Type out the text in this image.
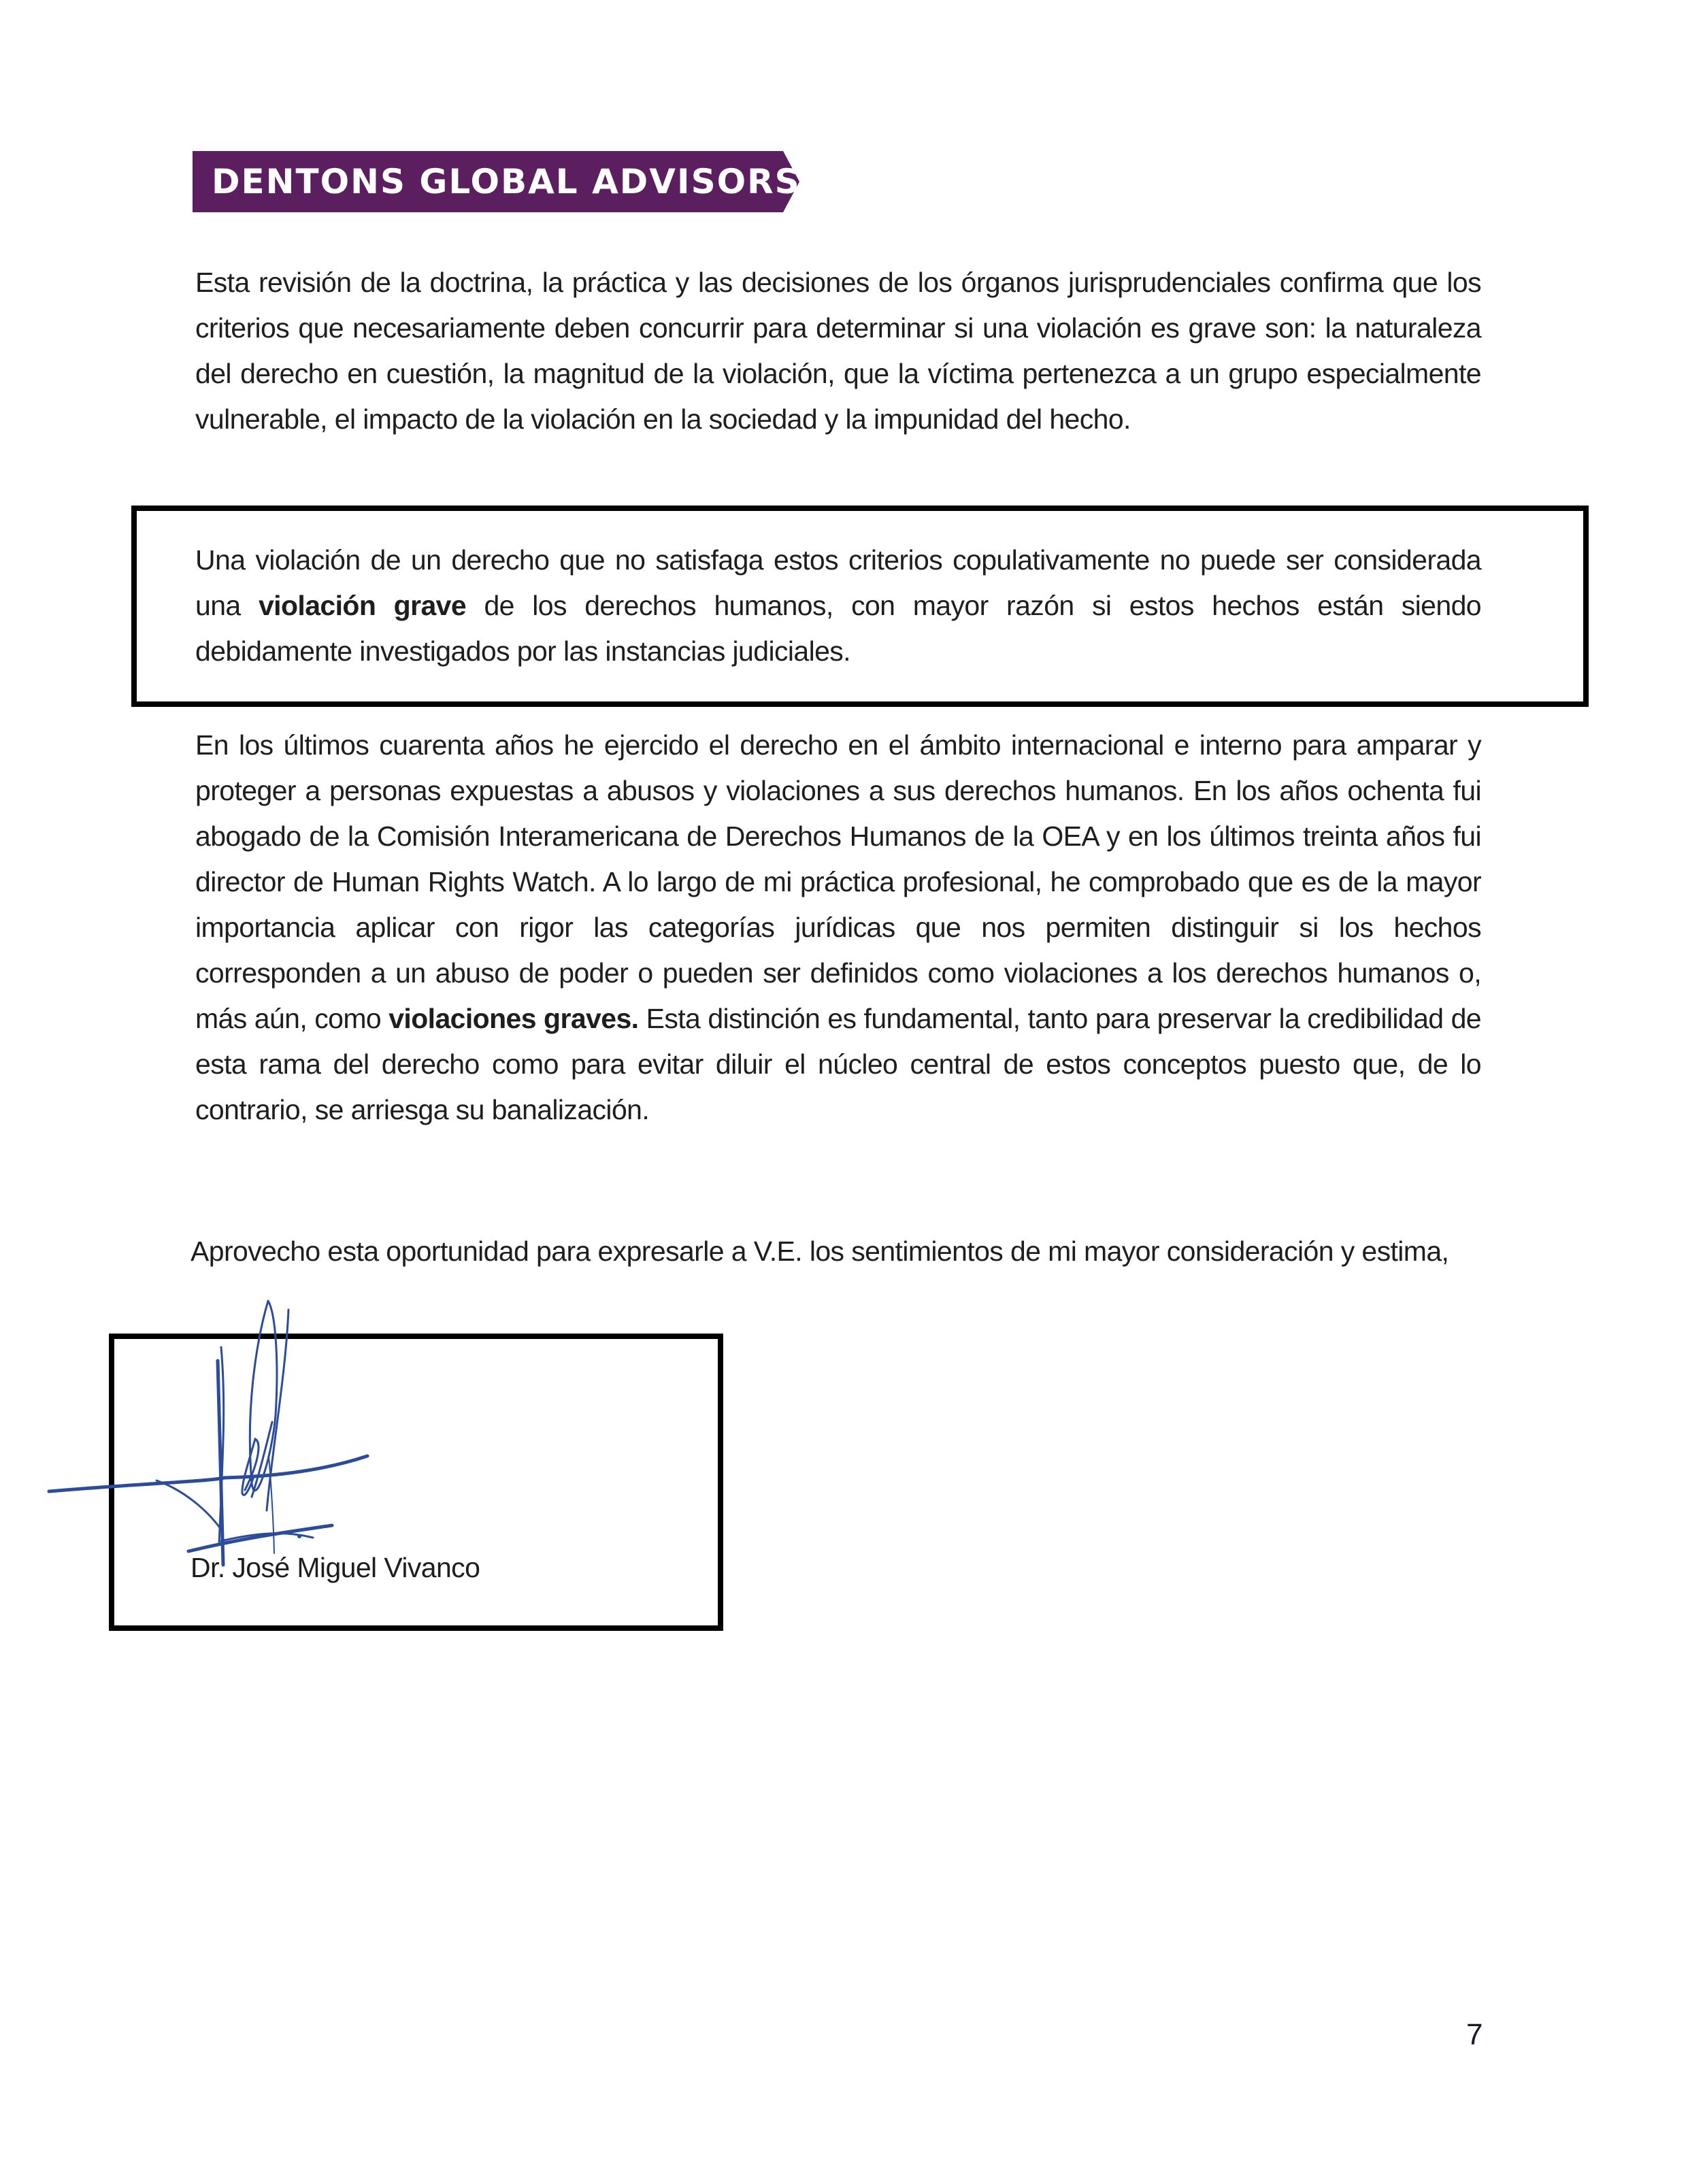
DENTONS GLOBAL ADVISORS

Esta revisión de la doctrina, la práctica y las decisiones de los órganos jurisprudenciales confirma que los criterios que necesariamente deben concurrir para determinar si una violación es grave son: la naturaleza del derecho en cuestión, la magnitud de la violación, que la víctima pertenezca a un grupo especialmente vulnerable, el impacto de la violación en la sociedad y la impunidad del hecho.

Una violación de un derecho que no satisfaga estos criterios copulativamente no puede ser considerada una violación grave de los derechos humanos, con mayor razón si estos hechos están siendo debidamente investigados por las instancias judiciales.

En los últimos cuarenta años he ejercido el derecho en el ámbito internacional e interno para amparar y proteger a personas expuestas a abusos y violaciones a sus derechos humanos. En los años ochenta fui abogado de la Comisión Interamericana de Derechos Humanos de la OEA y en los últimos treinta años fui director de Human Rights Watch. A lo largo de mi práctica profesional, he comprobado que es de la mayor importancia aplicar con rigor las categorías jurídicas que nos permiten distinguir si los hechos corresponden a un abuso de poder o pueden ser definidos como violaciones a los derechos humanos o, más aún, como violaciones graves. Esta distinción es fundamental, tanto para preservar la credibilidad de esta rama del derecho como para evitar diluir el núcleo central de estos conceptos puesto que, de lo contrario, se arriesga su banalización.

Aprovecho esta oportunidad para expresarle a V.E. los sentimientos de mi mayor consideración y estima,

Dr. José Miguel Vivanco
7
